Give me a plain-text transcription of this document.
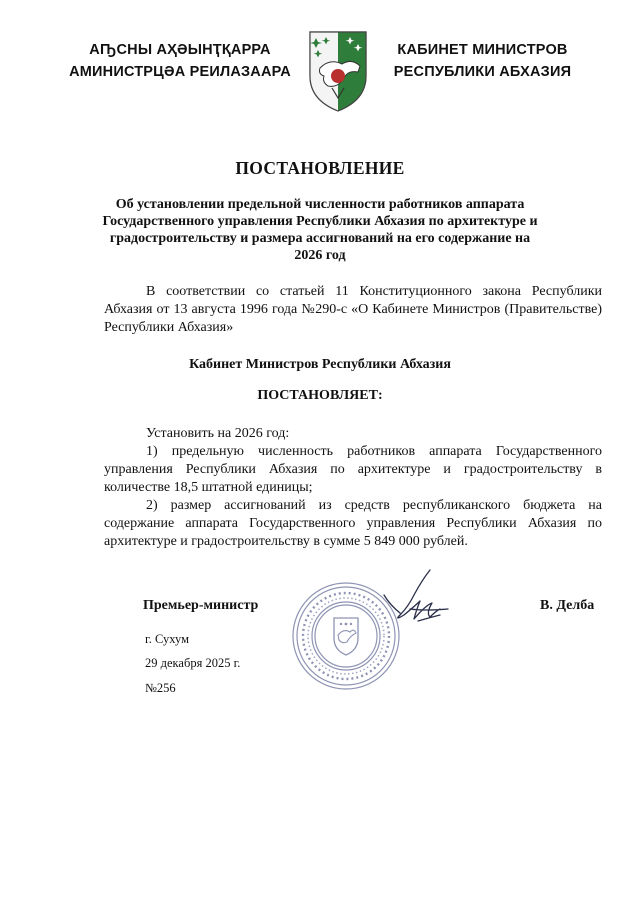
АҦСНЫ АҲӘЫНҬҚАРРА
АМИНИСТРЦӘА РЕИЛАЗААРА
КАБИНЕТ МИНИСТРОВ
РЕСПУБЛИКИ АБХАЗИЯ
ПОСТАНОВЛЕНИЕ
Об установлении предельной численности работников аппарата Государственного управления Республики Абхазия по архитектуре и градостроительству и размера ассигнований на его содержание на 2026 год
В соответствии со статьей 11 Конституционного закона Республики Абхазия от 13 августа 1996 года №290-с «О Кабинете Министров (Правительстве) Республики Абхазия»
Кабинет Министров Республики Абхазия
ПОСТАНОВЛЯЕТ:

Установить на 2026 год:

1) предельную численность работников аппарата Государственного управления Республики Абхазия по архитектуре и градостроительству в количестве 18,5 штатной единицы;

2) размер ассигнований из средств республиканского бюджета на содержание аппарата Государственного управления Республики Абхазия по архитектуре и градостроительству в сумме 5 849 000 рублей.

Премьер-министр	В. Делба
г. Сухум
29 декабря 2025 г.
№256
